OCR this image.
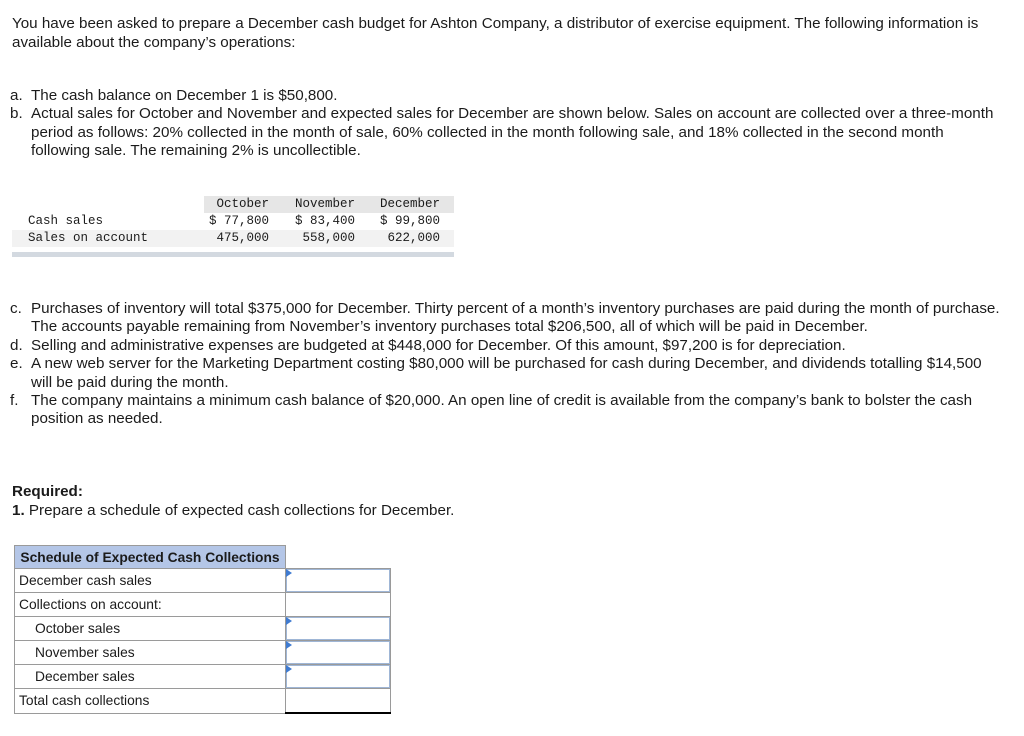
You have been asked to prepare a December cash budget for Ashton Company, a distributor of exercise equipment. The following information is available about the company’s operations:
a. The cash balance on December 1 is $50,800.
b. Actual sales for October and November and expected sales for December are shown below. Sales on account are collected over a three-month period as follows: 20% collected in the month of sale, 60% collected in the month following sale, and 18% collected in the second month following sale. The remaining 2% is uncollectible.
October	November	December
Cash sales	$ 77,800	$ 83,400	$ 99,800
Sales on account	475,000	558,000	622,000
c. Purchases of inventory will total $375,000 for December. Thirty percent of a month’s inventory purchases are paid during the month of purchase. The accounts payable remaining from November’s inventory purchases total $206,500, all of which will be paid in December.
d. Selling and administrative expenses are budgeted at $448,000 for December. Of this amount, $97,200 is for depreciation.
e. A new web server for the Marketing Department costing $80,000 will be purchased for cash during December, and dividends totalling $14,500 will be paid during the month.
f. The company maintains a minimum cash balance of $20,000. An open line of credit is available from the company’s bank to bolster the cash position as needed.
Required:
1. Prepare a schedule of expected cash collections for December.
Schedule of Expected Cash Collections	
December cash sales	

Collections on account:	
October sales	

November sales	

December sales	

Total cash collections	
